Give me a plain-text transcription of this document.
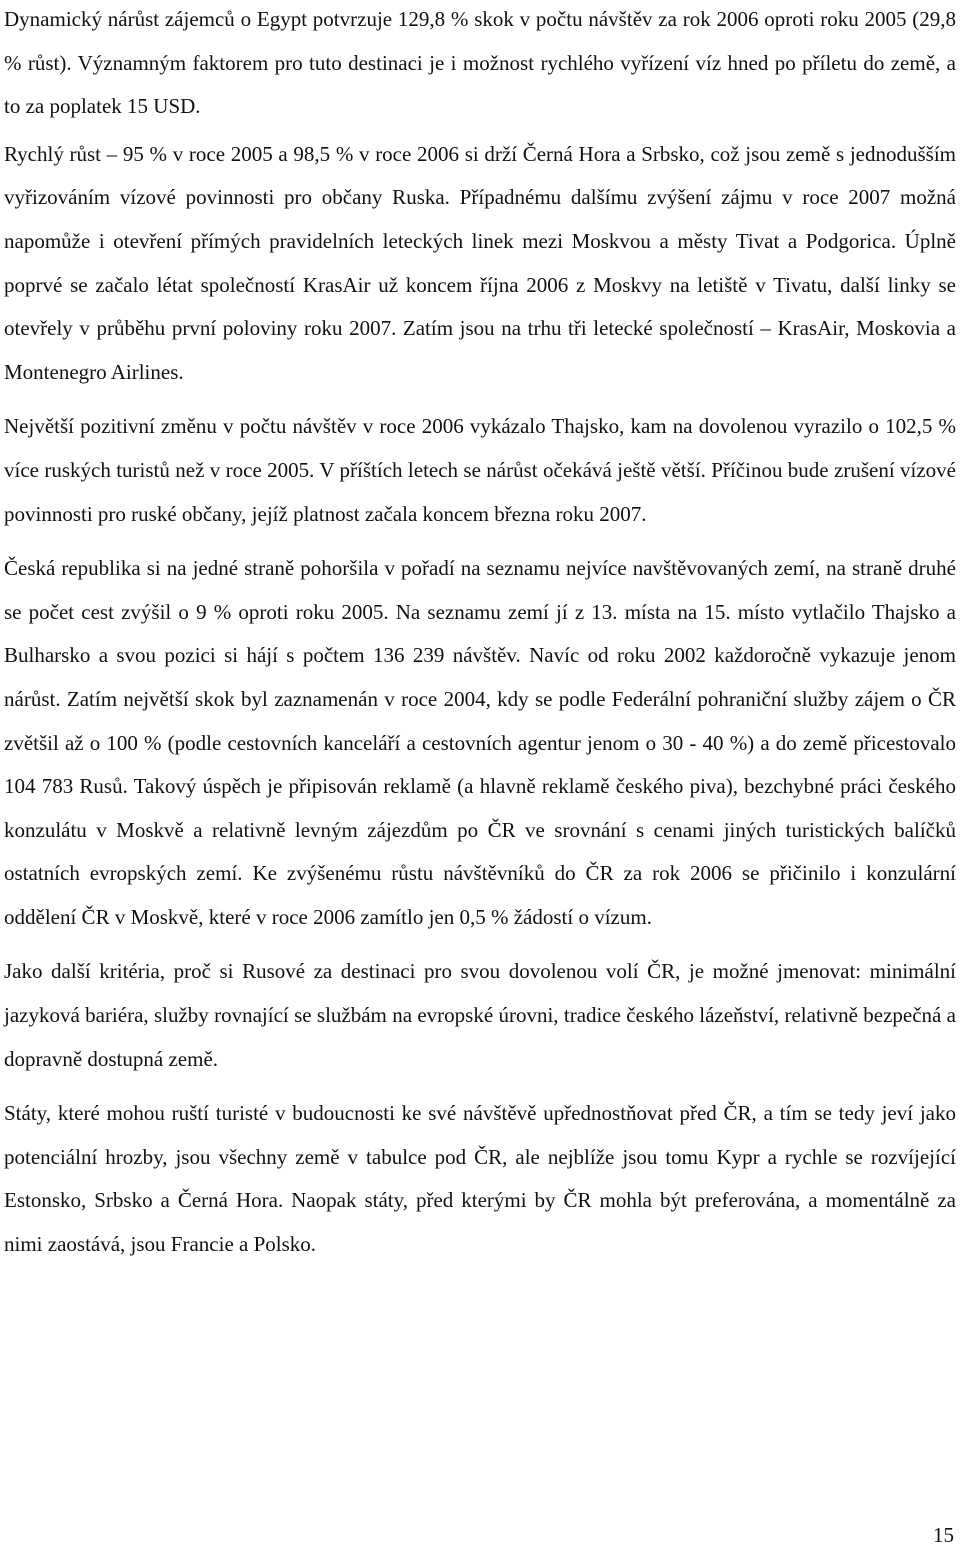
Dynamický nárůst zájemců o Egypt potvrzuje 129,8 % skok v počtu návštěv za rok 2006 oproti roku 2005 (29,8 % růst). Významným faktorem pro tuto destinaci je i možnost rychlého vyřízení víz hned po příletu do země, a to za poplatek 15 USD.

Rychlý růst – 95 % v roce 2005 a 98,5 % v roce 2006 si drží Černá Hora a Srbsko, což jsou země s jednodušším vyřizováním vízové povinnosti pro občany Ruska. Případnému dalšímu zvýšení zájmu v roce 2007 možná napomůže i otevření přímých pravidelních leteckých linek mezi Moskvou a městy Tivat a Podgorica. Úplně poprvé se začalo létat společností KrasAir už koncem října 2006 z Moskvy na letiště v Tivatu, další linky se otevřely v průběhu první poloviny roku 2007. Zatím jsou na trhu tři letecké společností – KrasAir, Moskovia a Montenegro Airlines.

Největší pozitivní změnu v počtu návštěv v roce 2006 vykázalo Thajsko, kam na dovolenou vyrazilo o 102,5 % více ruských turistů než v roce 2005. V příštích letech se nárůst očekává ještě větší. Příčinou bude zrušení vízové povinnosti pro ruské občany, jejíž platnost začala koncem března roku 2007.

Česká republika si na jedné straně pohoršila v pořadí na seznamu nejvíce navštěvovaných zemí, na straně druhé se počet cest zvýšil o 9 % oproti roku 2005. Na seznamu zemí jí z 13. místa na 15. místo vytlačilo Thajsko a Bulharsko a svou pozici si hájí s počtem 136 239 návštěv. Navíc od roku 2002 každoročně vykazuje jenom nárůst. Zatím největší skok byl zaznamenán v roce 2004, kdy se podle Federální pohraniční služby zájem o ČR zvětšil až o 100 % (podle cestovních kanceláří a cestovních agentur jenom o 30 - 40 %) a do země přicestovalo 104 783 Rusů. Takový úspěch je připisován reklamě (a hlavně reklamě českého piva), bezchybné práci českého konzulátu v Moskvě a relativně levným zájezdům po ČR ve srovnání s cenami jiných turistických balíčků ostatních evropských zemí. Ke zvýšenému růstu návštěvníků do ČR za rok 2006 se přičinilo i konzulární oddělení ČR v Moskvě, které v roce 2006 zamítlo jen 0,5 % žádostí o vízum.

Jako další kritéria, proč si Rusové za destinaci pro svou dovolenou volí ČR, je možné jmenovat: minimální jazyková bariéra, služby rovnající se službám na evropské úrovni, tradice českého lázeňství, relativně bezpečná a dopravně dostupná země.

Státy, které mohou ruští turisté v budoucnosti ke své návštěvě upřednostňovat před ČR, a tím se tedy jeví jako potenciální hrozby, jsou všechny země v tabulce pod ČR, ale nejblíže jsou tomu Kypr a rychle se rozvíjející Estonsko, Srbsko a Černá Hora. Naopak státy, před kterými by ČR mohla být preferována, a momentálně za nimi zaostává, jsou Francie a Polsko.

15
